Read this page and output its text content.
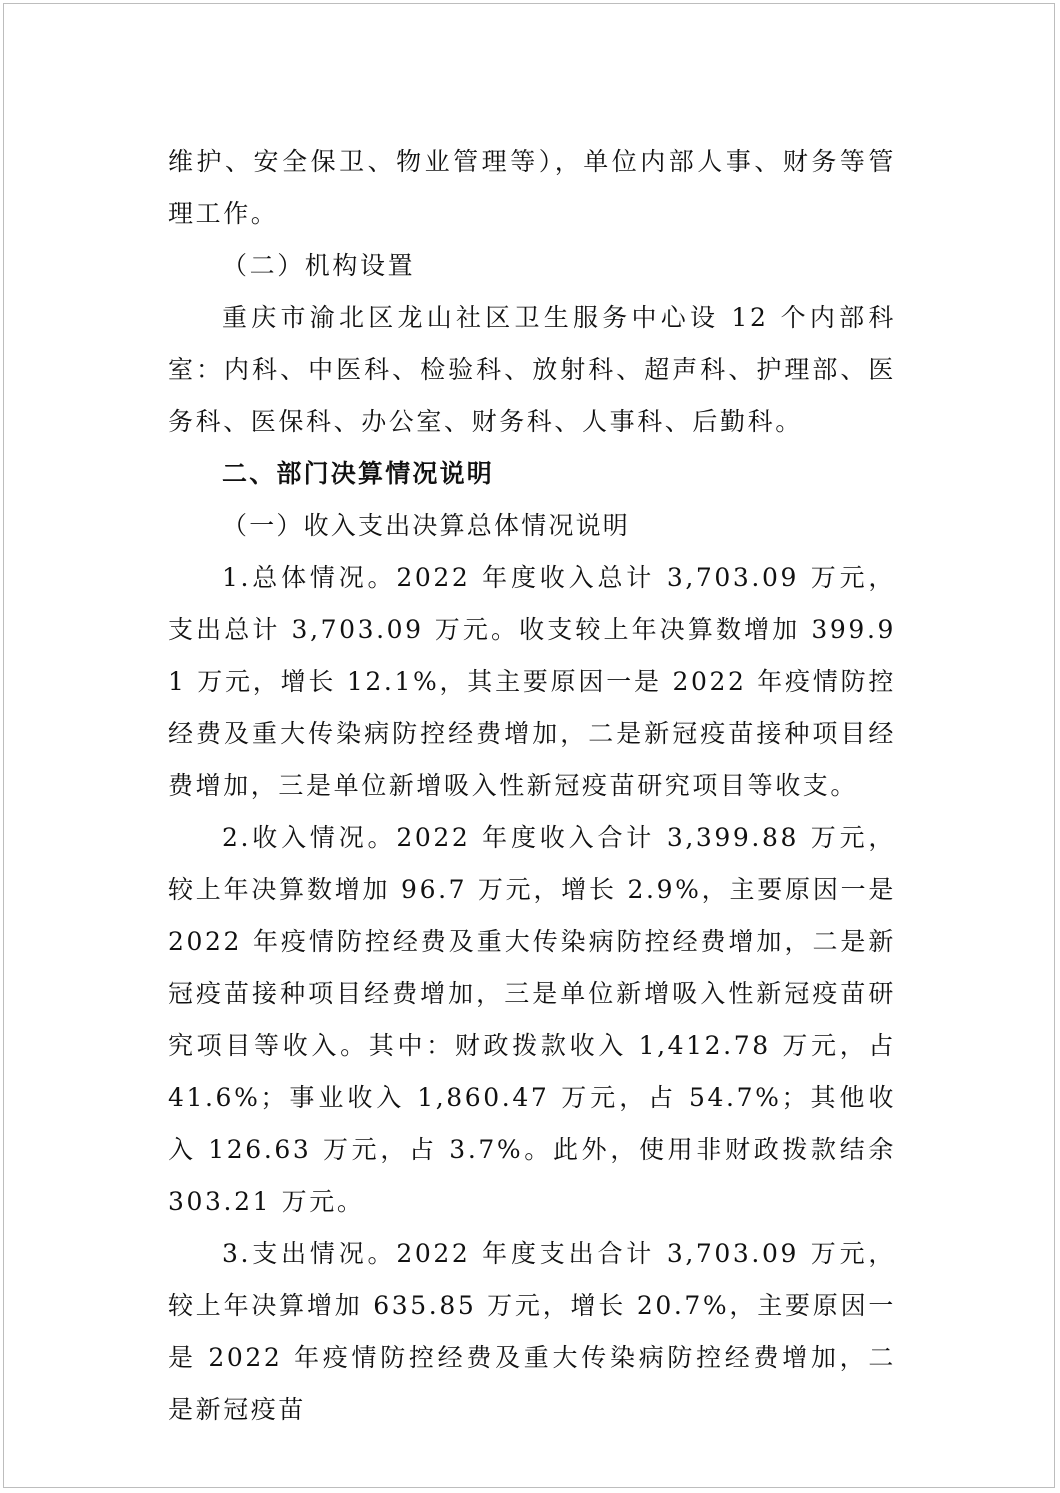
维护、安全保卫、物业管理等），单位内部人事、财务等管理工作。

（二）机构设置

重庆市渝北区龙山社区卫生服务中心设 12 个内部科室：内科、中医科、检验科、放射科、超声科、护理部、医务科、医保科、办公室、财务科、人事科、后勤科。

二、部门决算情况说明

（一）收入支出决算总体情况说明

1.总体情况。2022 年度收入总计 3,703.09 万元，支出总计 3,703.09 万元。收支较上年决算数增加 399.91 万元，增长 12.1%，其主要原因一是 2022 年疫情防控经费及重大传染病防控经费增加，二是新冠疫苗接种项目经费增加，三是单位新增吸入性新冠疫苗研究项目等收支。

2.收入情况。2022 年度收入合计 3,399.88 万元，较上年决算数增加 96.7 万元，增长 2.9%，主要原因一是 2022 年疫情防控经费及重大传染病防控经费增加，二是新冠疫苗接种项目经费增加，三是单位新增吸入性新冠疫苗研究项目等收入。其中：财政拨款收入 1,412.78 万元，占 41.6%；事业收入 1,860.47 万元，占 54.7%；其他收入 126.63 万元，占 3.7%。此外，使用非财政拨款结余 303.21 万元。

3.支出情况。2022 年度支出合计 3,703.09 万元，较上年决算增加 635.85 万元，增长 20.7%，主要原因一是 2022 年疫情防控经费及重大传染病防控经费增加，二是新冠疫苗
